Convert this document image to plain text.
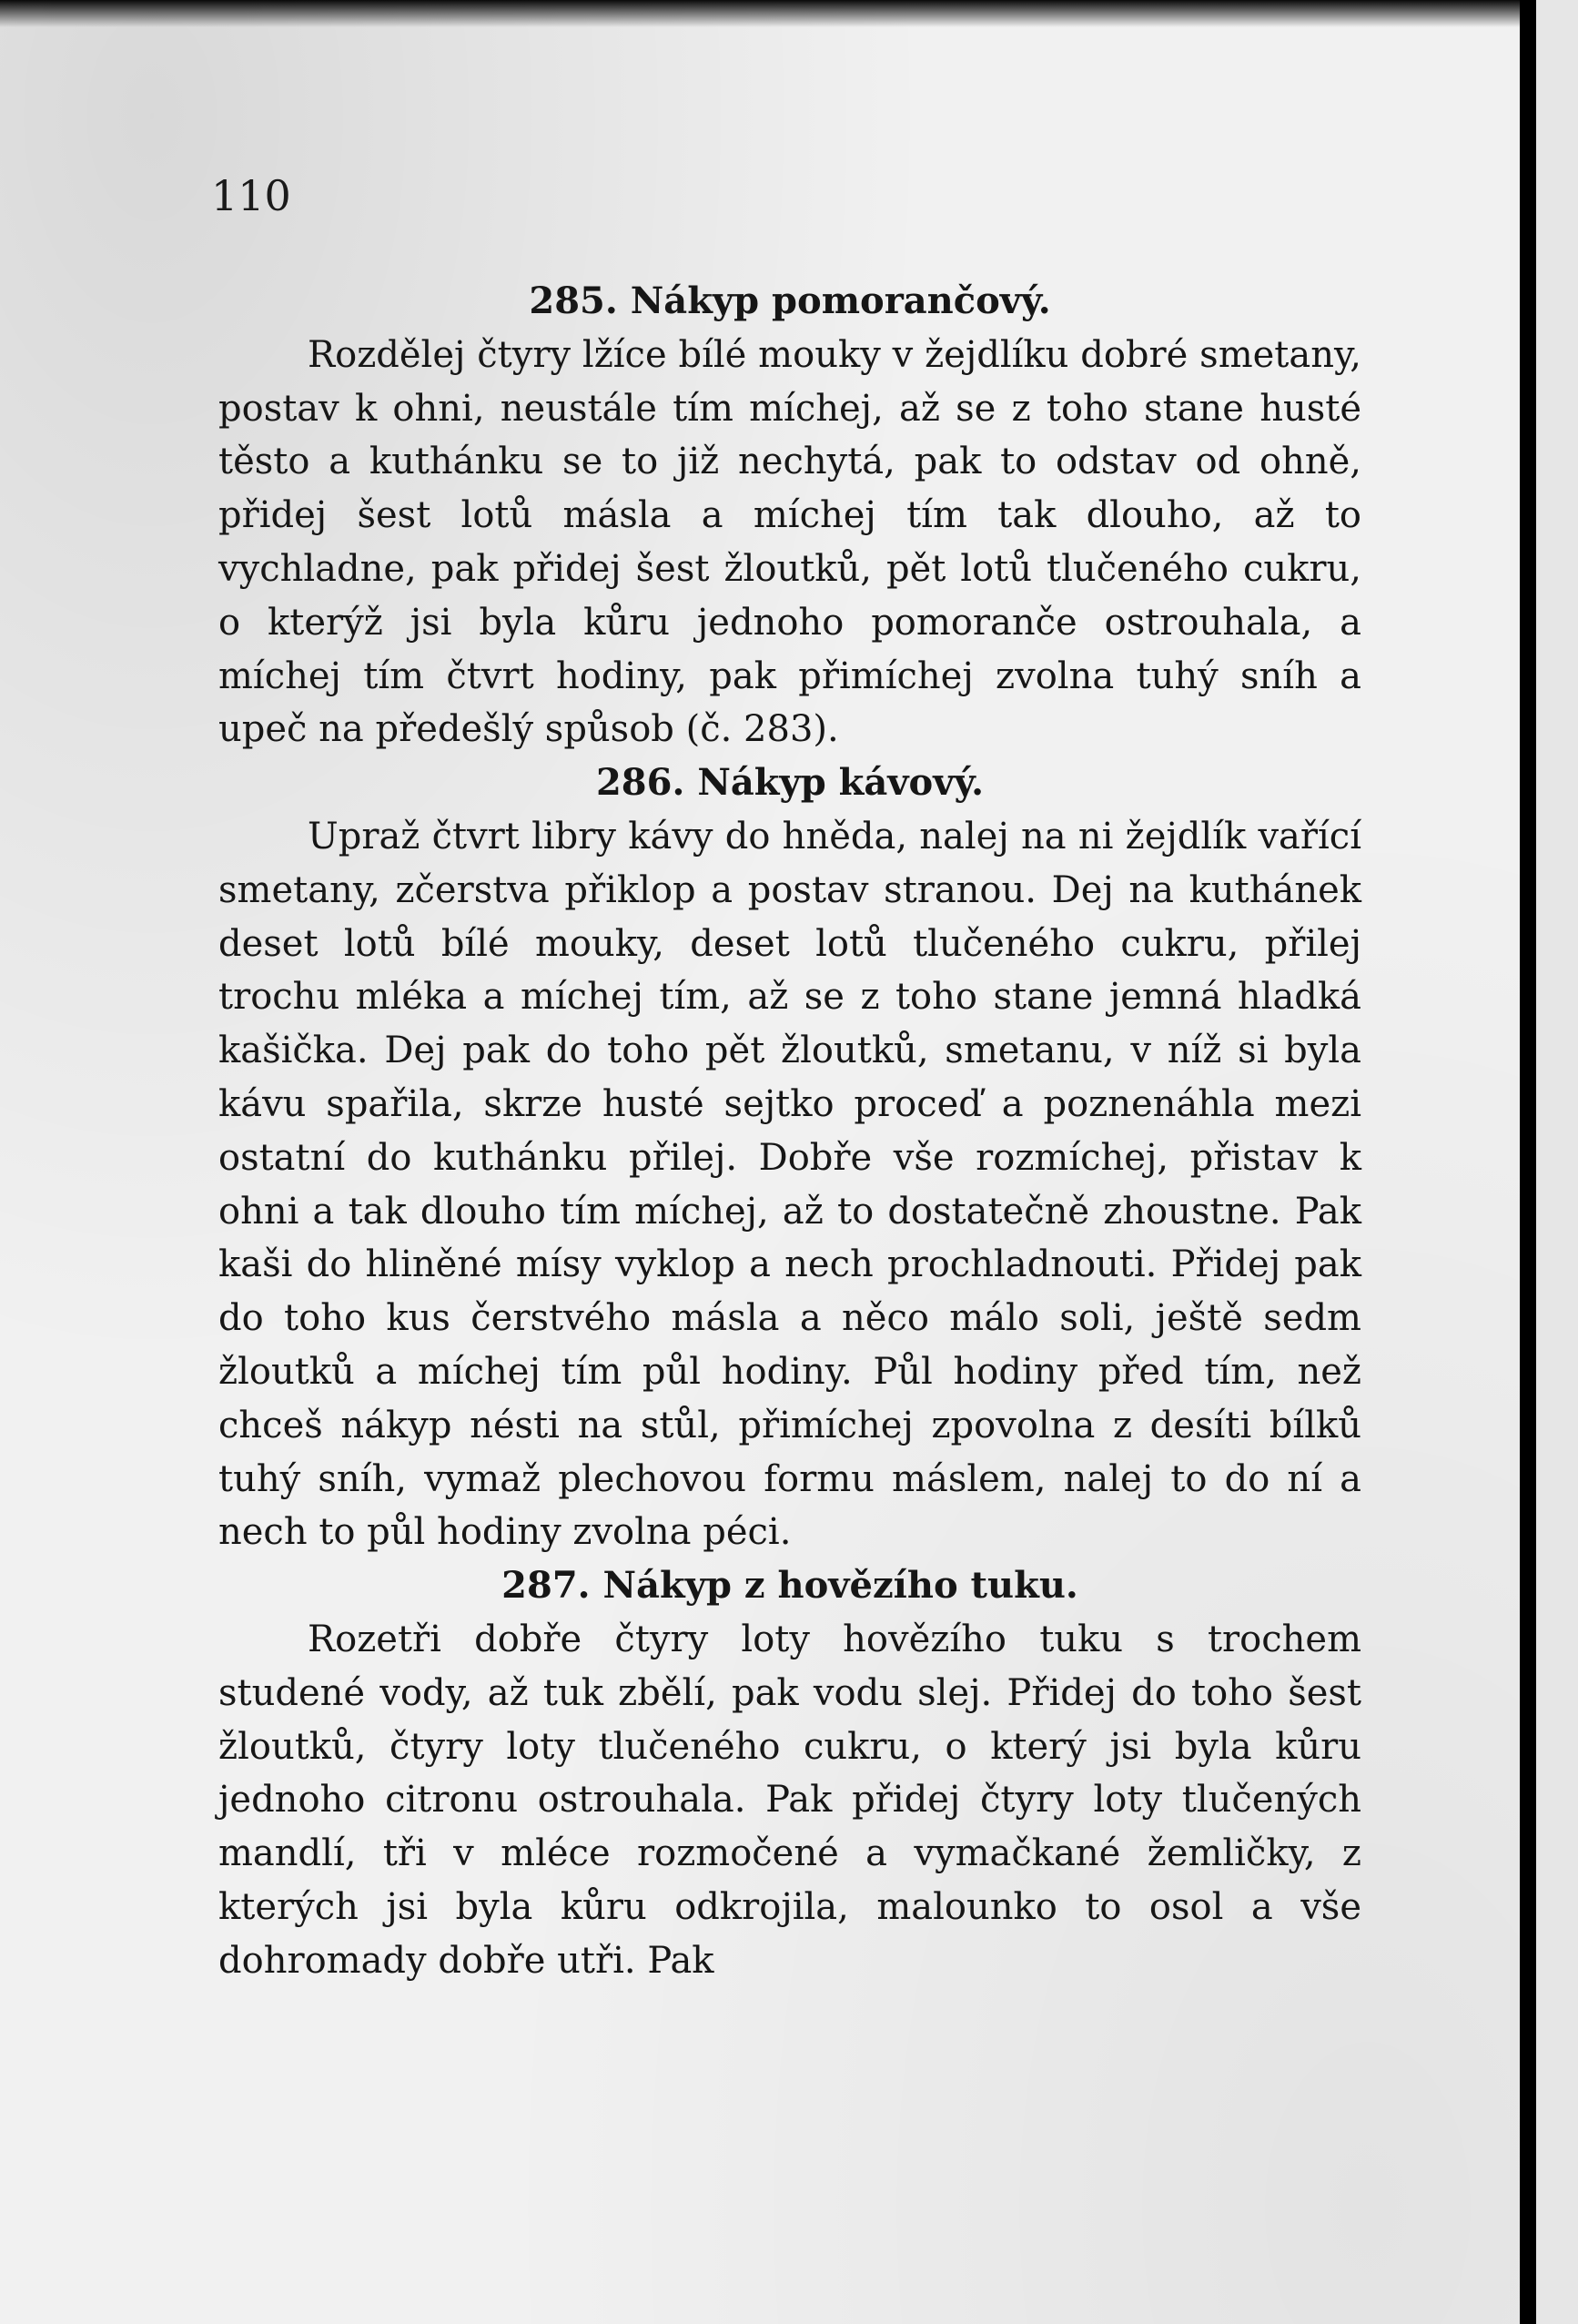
110
285. Nákyp pomorančový.

Rozdělej čtyry lžíce bílé mouky v žejdlíku dobré smetany, postav k ohni, neustále tím míchej, až se z toho stane husté těsto a kuthánku se to již nechytá, pak to odstav od ohně, přidej šest lotů másla a míchej tím tak dlouho, až to vychladne, pak přidej šest žloutků, pět lotů tlučeného cukru, o kterýž jsi byla kůru jednoho pomoranče ostrouhala, a míchej tím čtvrt hodiny, pak přimíchej zvolna tuhý sníh a upeč na předešlý spůsob (č. 283).

286. Nákyp kávový.

Upraž čtvrt libry kávy do hněda, nalej na ni žejdlík vařící smetany, zčerstva přiklop a postav stranou. Dej na kuthánek deset lotů bílé mouky, deset lotů tlučeného cukru, přilej trochu mléka a míchej tím, až se z toho stane jemná hladká kašička. Dej pak do toho pět žloutků, smetanu, v níž si byla kávu spařila, skrze husté sejtko proceď a poznenáhla mezi ostatní do kuthánku přilej. Dobře vše rozmíchej, přistav k ohni a tak dlouho tím míchej, až to dostatečně zhoustne. Pak kaši do hliněné mísy vyklop a nech prochladnouti. Přidej pak do toho kus čerstvého másla a něco málo soli, ještě sedm žloutků a míchej tím půl hodiny. Půl hodiny před tím, než chceš nákyp nésti na stůl, přimíchej zpovolna z desíti bílků tuhý sníh, vymaž plechovou formu máslem, nalej to do ní a nech to půl hodiny zvolna péci.

287. Nákyp z hovězího tuku.

Rozetři dobře čtyry loty hovězího tuku s trochem studené vody, až tuk zbělí, pak vodu slej. Přidej do toho šest žloutků, čtyry loty tlučeného cukru, o který jsi byla kůru jednoho citronu ostrouhala. Pak přidej čtyry loty tlučených mandlí, tři v mléce rozmočené a vymačkané žemličky, z kterých jsi byla kůru odkrojila, malounko to osol a vše dohromady dobře utři. Pak
